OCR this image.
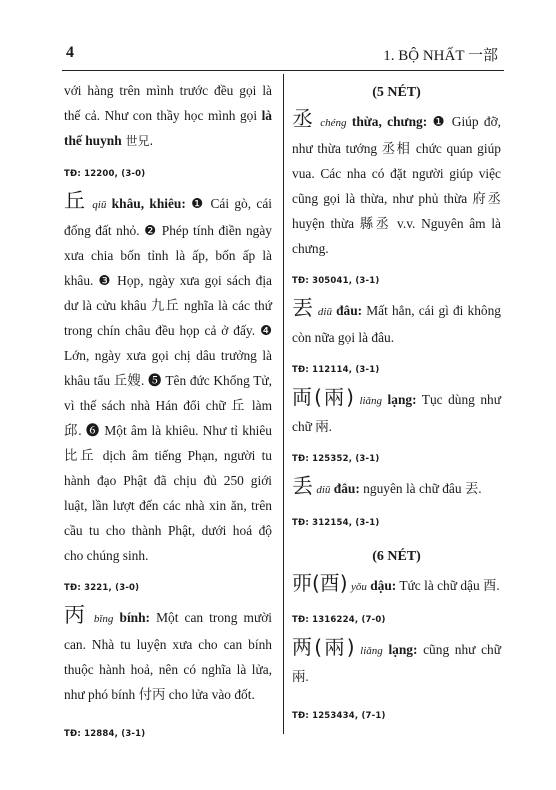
4	1. BỘ NHẤT 一部

với hàng trên mình trước đều gọi là thế cả. Như con thầy học mình gọi là thế huynh 世兄.

TĐ: 12200, (3-0)

丘 qiū khâu, khiêu: ❶ Cái gò, cái đống đất nhỏ. ❷ Phép tính điền ngày xưa chia bốn tỉnh là ấp, bốn ấp là khâu. ❸ Họp, ngày xưa gọi sách địa dư là cửu khâu 九丘 nghĩa là các thứ trong chín châu đều họp cả ở đấy. ❹ Lớn, ngày xưa gọi chị dâu trưởng là khâu tẩu 丘嫂. ❺ Tên đức Khổng Tử, vì thế sách nhà Hán đổi chữ 丘 làm 邱. ❻ Một âm là khiêu. Như tỉ khiêu 比丘 dịch âm tiếng Phạn, người tu hành đạo Phật đã chịu đủ 250 giới luật, lần lượt đến các nhà xin ăn, trên cầu tu cho thành Phật, dưới hoá độ cho chúng sinh.

TĐ: 3221, (3-0)

丙 bǐng bính: Một can trong mười can. Nhà tu luyện xưa cho can bính thuộc hành hoả, nên có nghĩa là lửa, như phó bính 付丙 cho lửa vào đốt.

TĐ: 12884, (3-1)
(5 NÉT)

丞 chéng thừa, chưng: ❶ Giúp đỡ, như thừa tướng 丞相 chức quan giúp vua. Các nha có đặt người giúp việc cũng gọi là thừa, như phủ thừa 府丞 huyện thừa 縣丞 v.v. Nguyên âm là chưng.

TĐ: 305041, (3-1)

丟 diū đâu: Mất hẳn, cái gì đi không còn nữa gọi là đâu.

TĐ: 112114, (3-1)

両(兩) liǎng lạng: Tục dùng như chữ 兩.

TĐ: 125352, (3-1)

丢 diū đâu: nguyên là chữ đâu 丟.

TĐ: 312154, (3-1)
(6 NÉT)

丣(酉) yǒu dậu: Tức là chữ dậu 酉.

TĐ: 1316224, (7-0)

两(兩) liǎng lạng: cũng như chữ 兩.

TĐ: 1253434, (7-1)
